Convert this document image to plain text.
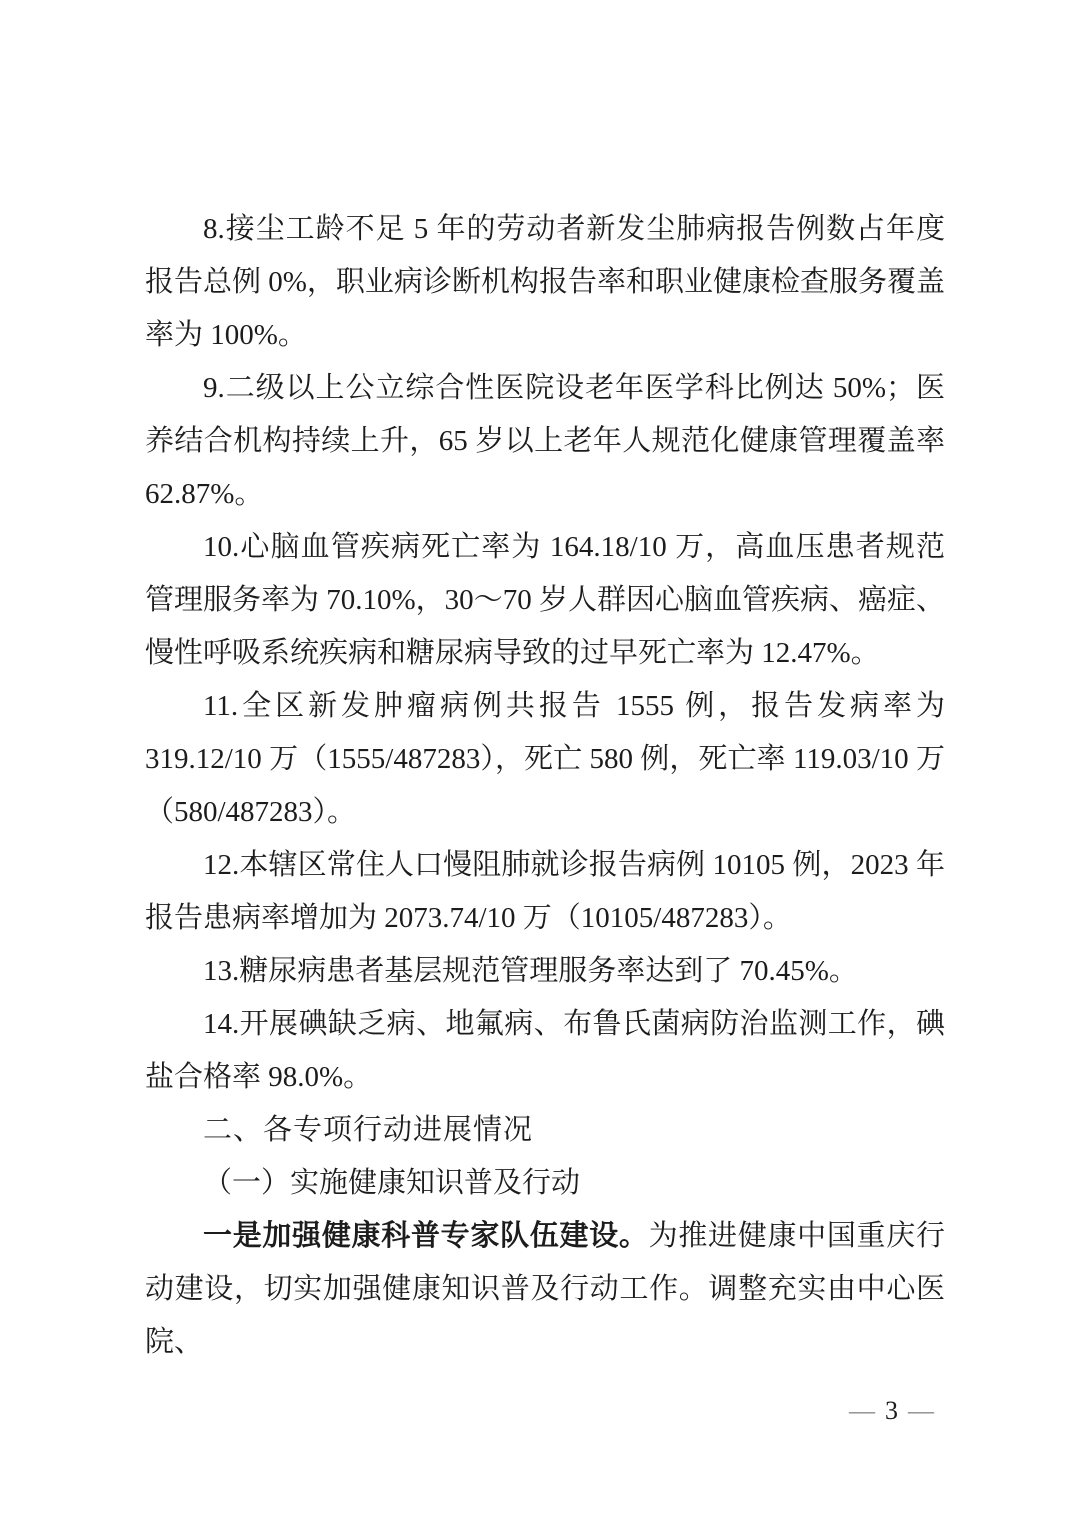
8.接尘工龄不足 5 年的劳动者新发尘肺病报告例数占年度报告总例 0%，职业病诊断机构报告率和职业健康检查服务覆盖率为 100%。

9.二级以上公立综合性医院设老年医学科比例达 50%；医养结合机构持续上升，65 岁以上老年人规范化健康管理覆盖率 62.87%。

10.心脑血管疾病死亡率为 164.18/10 万，高血压患者规范管理服务率为 70.10%，30～70 岁人群因心脑血管疾病、癌症、慢性呼吸系统疾病和糖尿病导致的过早死亡率为 12.47%。

11.全区新发肿瘤病例共报告 1555 例，报告发病率为 319.12/10 万（1555/487283），死亡 580 例，死亡率 119.03/10 万（580/487283）。

12.本辖区常住人口慢阻肺就诊报告病例 10105 例，2023 年报告患病率增加为 2073.74/10 万（10105/487283）。

13.糖尿病患者基层规范管理服务率达到了 70.45%。

14.开展碘缺乏病、地氟病、布鲁氏菌病防治监测工作，碘盐合格率 98.0%。

二、各专项行动进展情况
（一）实施健康知识普及行动

一是加强健康科普专家队伍建设。为推进健康中国重庆行动建设，切实加强健康知识普及行动工作。调整充实由中心医院、

— 3 —
